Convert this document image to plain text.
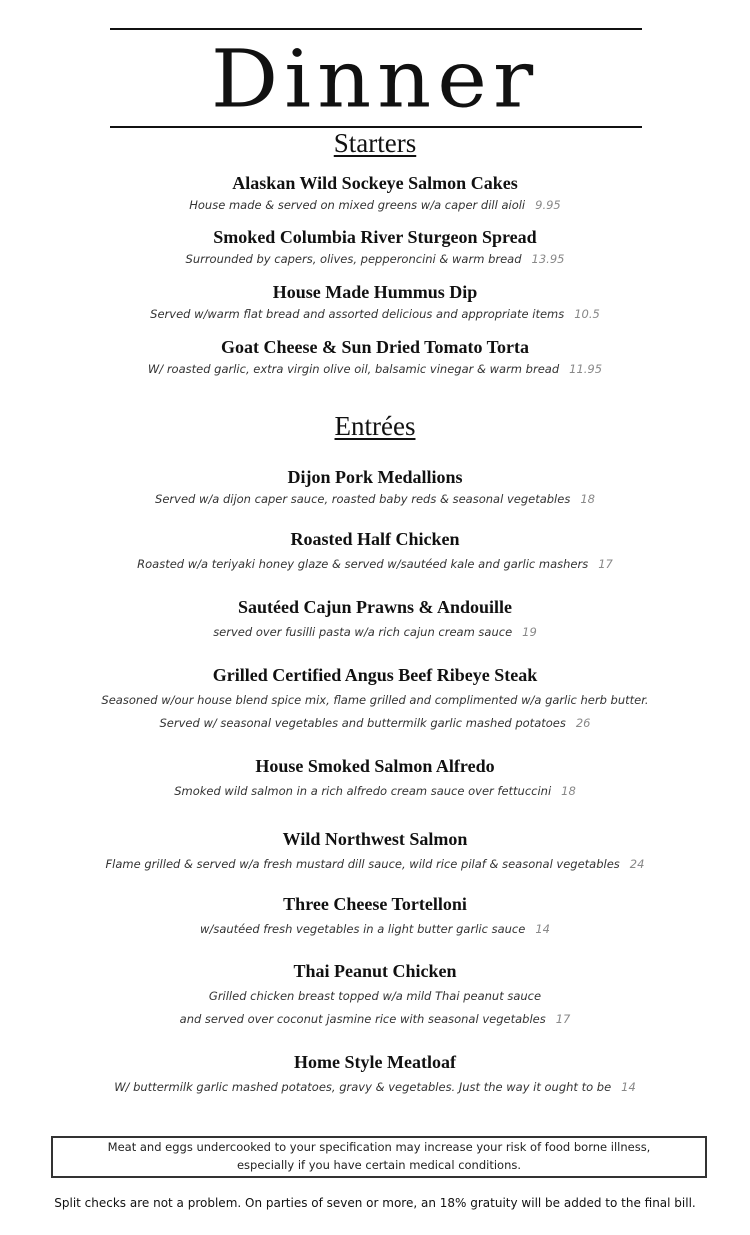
Dinner
Starters
Alaskan Wild Sockeye Salmon Cakes
House made & served on mixed greens w/a caper dill aioli 9.95
Smoked Columbia River Sturgeon Spread
Surrounded by capers, olives, pepperoncini & warm bread 13.95
House Made Hummus Dip
Served w/warm flat bread and assorted delicious and appropriate items 10.5
Goat Cheese & Sun Dried Tomato Torta
W/ roasted garlic, extra virgin olive oil, balsamic vinegar & warm bread 11.95
Entrées
Dijon Pork Medallions
Served w/a dijon caper sauce, roasted baby reds & seasonal vegetables 18
Roasted Half Chicken
Roasted w/a teriyaki honey glaze & served w/sautéed kale and garlic mashers 17
Sautéed Cajun Prawns & Andouille
served over fusilli pasta w/a rich cajun cream sauce 19
Grilled Certified Angus Beef Ribeye Steak
Seasoned w/our house blend spice mix, flame grilled and complimented w/a garlic herb butter.
Served w/ seasonal vegetables and buttermilk garlic mashed potatoes 26
House Smoked Salmon Alfredo
Smoked wild salmon in a rich alfredo cream sauce over fettuccini 18
Wild Northwest Salmon
Flame grilled & served w/a fresh mustard dill sauce, wild rice pilaf & seasonal vegetables 24
Three Cheese Tortelloni
w/sautéed fresh vegetables in a light butter garlic sauce 14
Thai Peanut Chicken
Grilled chicken breast topped w/a mild Thai peanut sauce
and served over coconut jasmine rice with seasonal vegetables 17
Home Style Meatloaf
W/ buttermilk garlic mashed potatoes, gravy & vegetables. Just the way it ought to be 14
Meat and eggs undercooked to your specification may increase your risk of food borne illness,
especially if you have certain medical conditions.
Split checks are not a problem. On parties of seven or more, an 18% gratuity will be added to the final bill.
